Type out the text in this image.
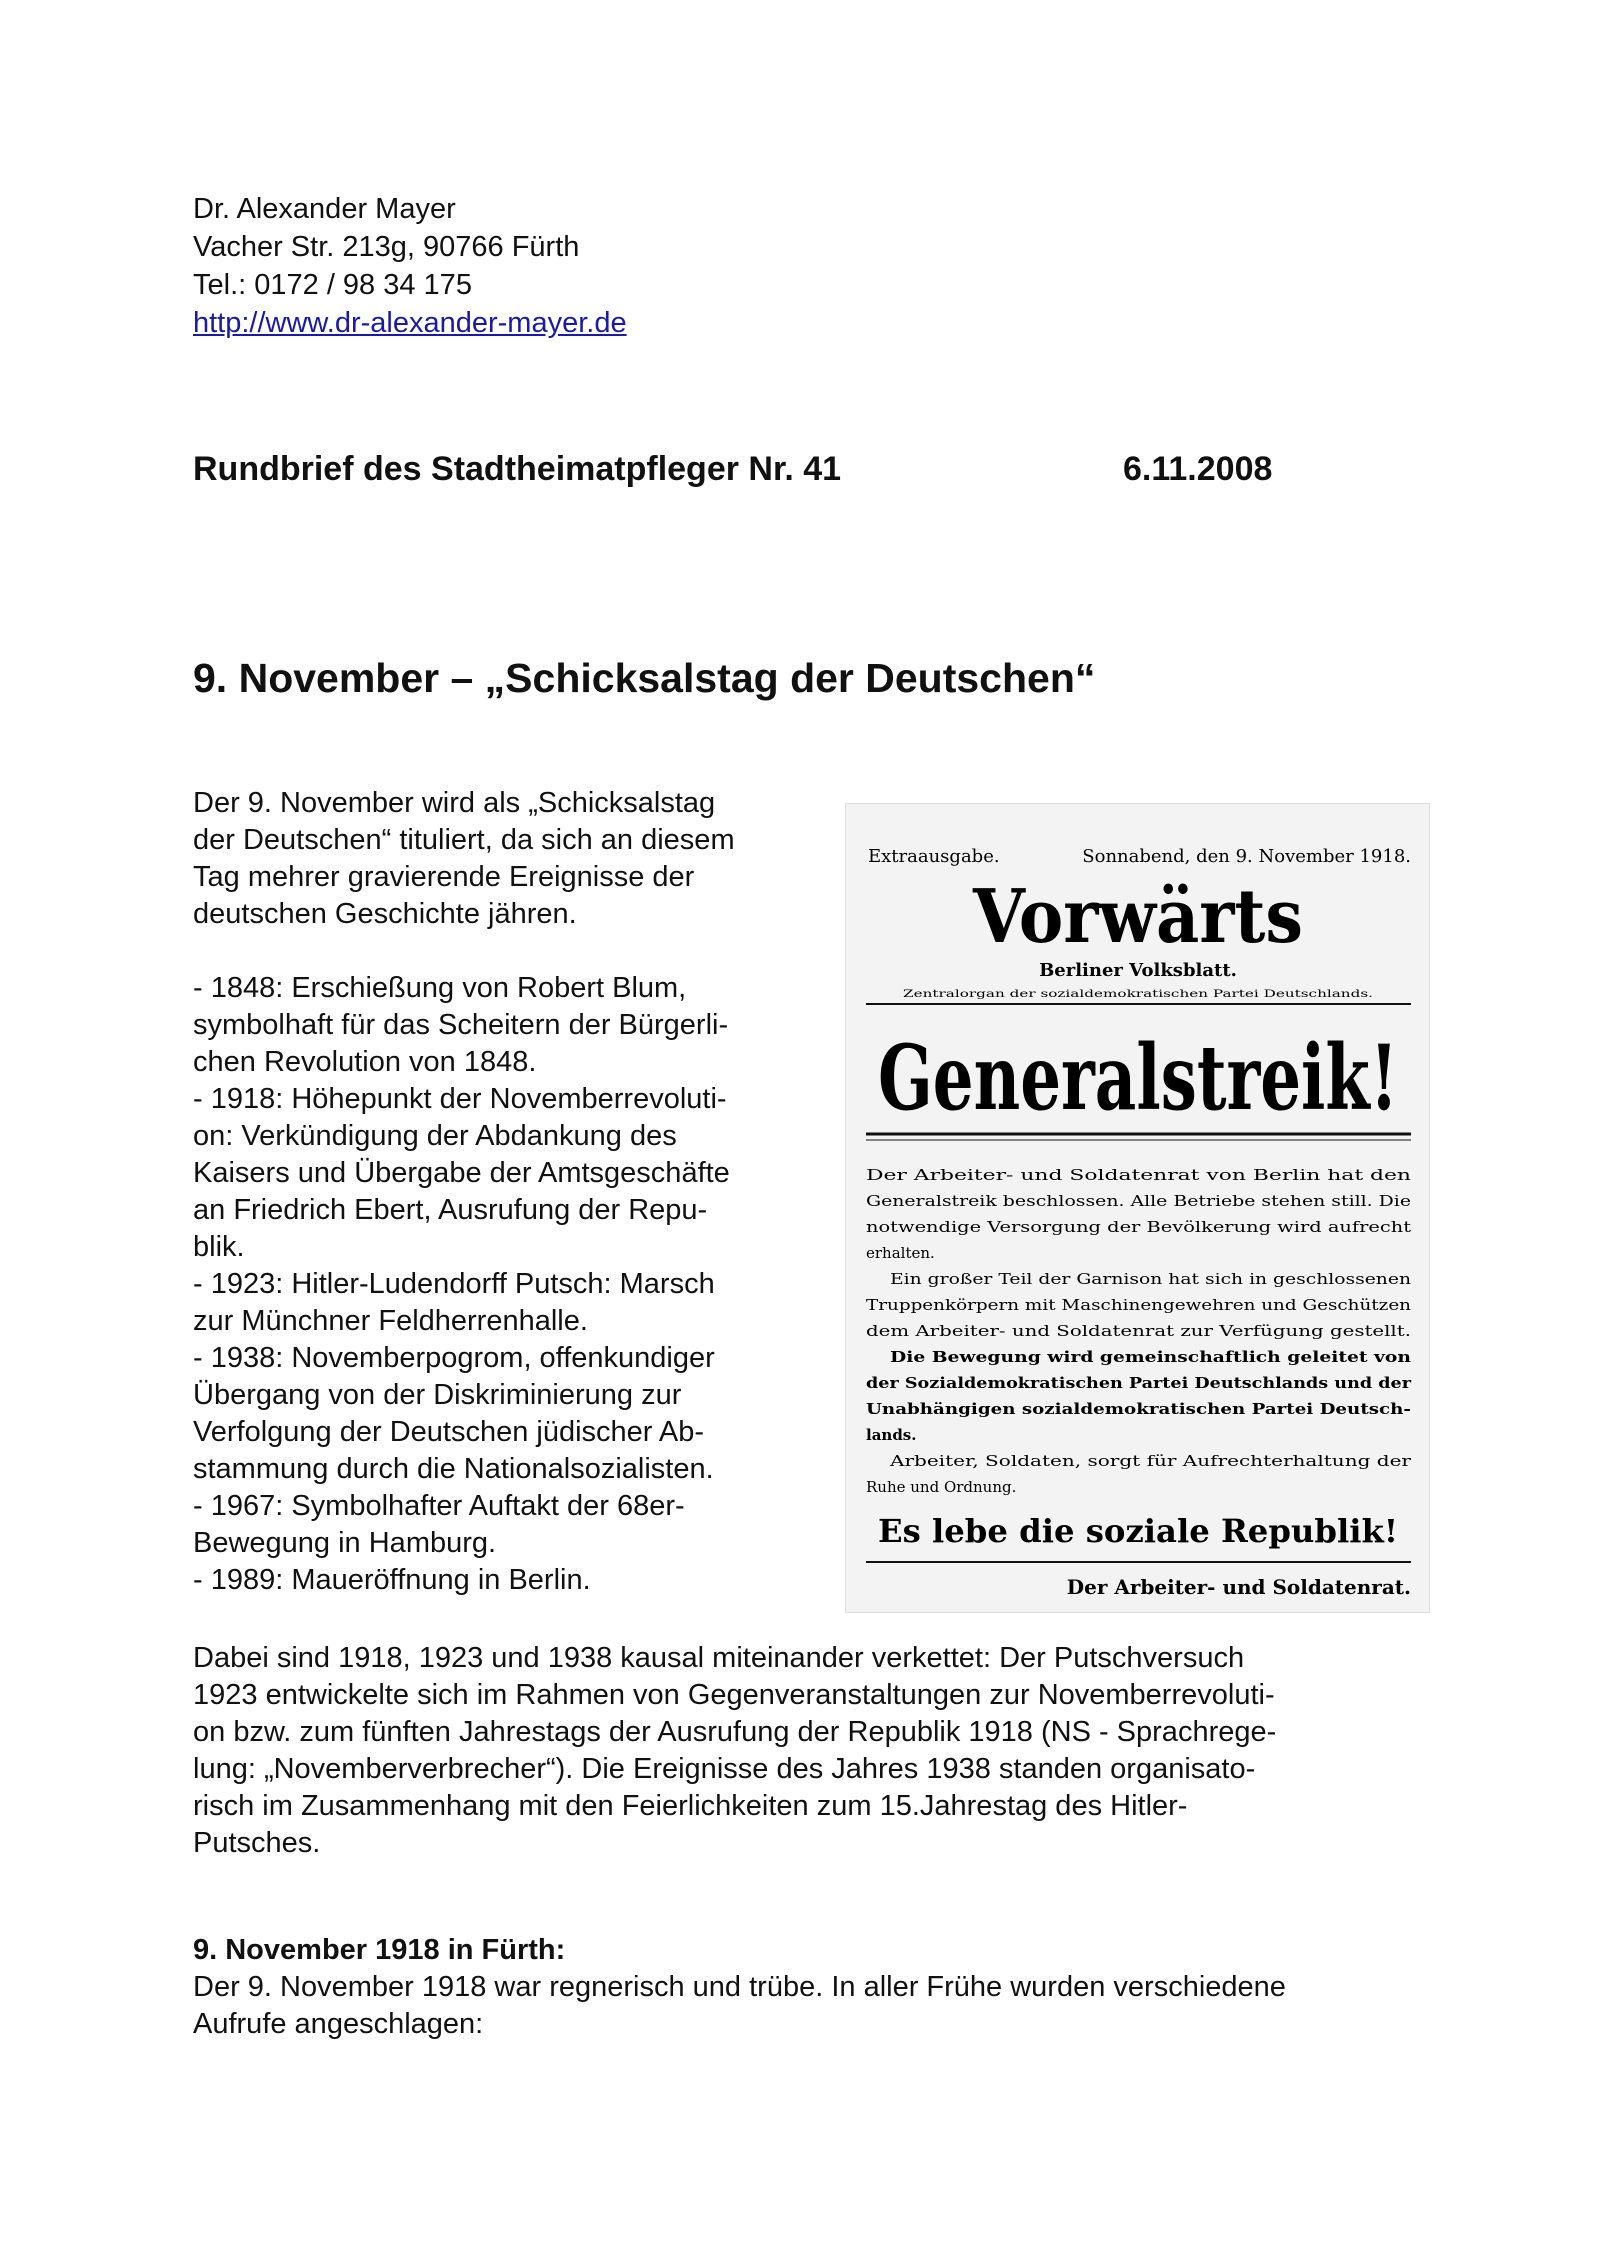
Dr. Alexander Mayer
Vacher Str. 213g, 90766 Fürth
Tel.: 0172 / 98 34 175
http://www.dr-alexander-mayer.de
Rundbrief des Stadtheimatpfleger Nr. 41	6.11.2008
9. November – „Schicksalstag der Deutschen“

Der 9. November wird als „Schicksalstag

der Deutschen“ tituliert, da sich an diesem

Tag mehrer gravierende Ereignisse der

deutschen Geschichte jähren.

- 1848: Erschießung von Robert Blum,

symbolhaft für das Scheitern der Bürgerli-

chen Revolution von 1848.

- 1918: Höhepunkt der Novemberrevoluti-

on: Verkündigung der Abdankung des

Kaisers und Übergabe der Amtsgeschäfte

an Friedrich Ebert, Ausrufung der Repu-

blik.

- 1923: Hitler-Ludendorff Putsch: Marsch

zur Münchner Feldherrenhalle.

- 1938: Novemberpogrom, offenkundiger

Übergang von der Diskriminierung zur

Verfolgung der Deutschen jüdischer Ab-

stammung durch die Nationalsozialisten.

- 1967: Symbolhafter Auftakt der 68er-

Bewegung in Hamburg.

- 1989: Maueröffnung in Berlin.

Extraausgabe.	Sonnabend, den 9. November 1918.
Vorwärts
Berliner Volksblatt.
Zentralorgan der sozialdemokratischen Partei Deutschlands.
Generalstreik!
Der Arbeiter- und Soldatenrat von Berlin hat den
Generalstreik beschlossen. Alle Betriebe stehen still. Die
notwendige Versorgung der Bevölkerung wird aufrecht
erhalten.
Ein großer Teil der Garnison hat sich in geschlossenen
Truppenkörpern mit Maschinengewehren und Geschützen
dem Arbeiter- und Soldatenrat zur Verfügung gestellt.
Die Bewegung wird gemeinschaftlich geleitet von
der Sozialdemokratischen Partei Deutschlands und der
Unabhängigen sozialdemokratischen Partei Deutsch-
lands.
Arbeiter, Soldaten, sorgt für Aufrechterhaltung der
Ruhe und Ordnung.
Es lebe die soziale Republik!
Der Arbeiter- und Soldatenrat.

Dabei sind 1918, 1923 und 1938 kausal miteinander verkettet: Der Putschversuch

1923 entwickelte sich im Rahmen von Gegenveranstaltungen zur Novemberrevoluti-

on bzw. zum fünften Jahrestags der Ausrufung der Republik 1918 (NS - Sprachrege-

lung: „Novemberverbrecher“). Die Ereignisse des Jahres 1938 standen organisato-

risch im Zusammenhang mit den Feierlichkeiten zum 15.Jahrestag des Hitler-

Putsches.

9. November 1918 in Fürth:

Der 9. November 1918 war regnerisch und trübe. In aller Frühe wurden verschiedene

Aufrufe angeschlagen:
